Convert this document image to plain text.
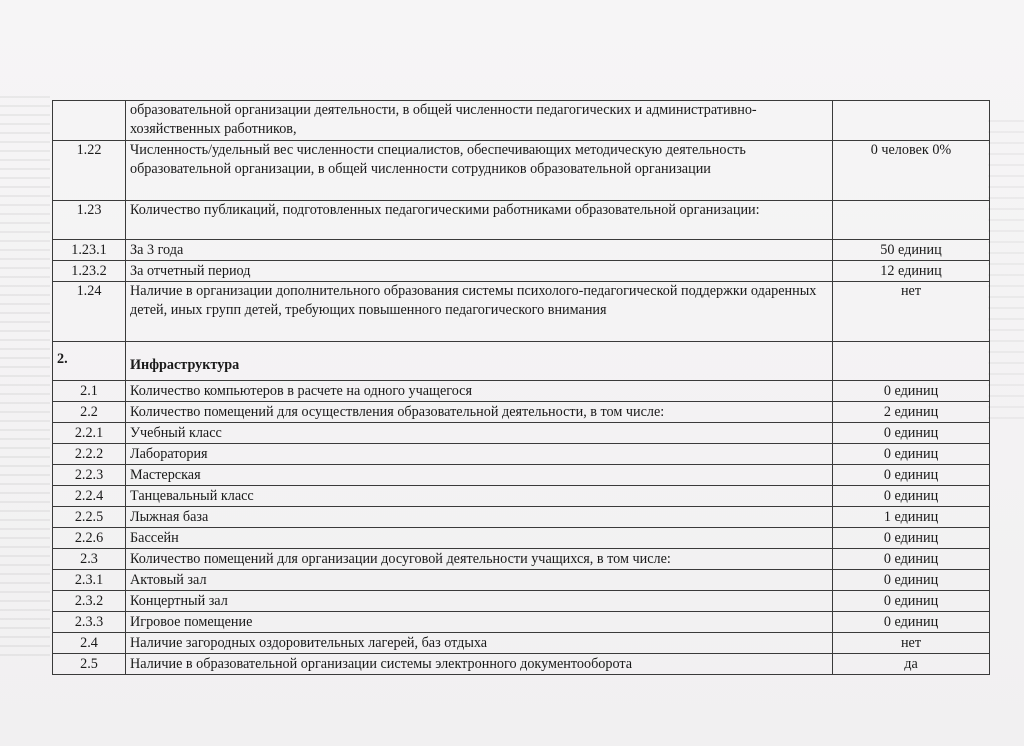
	образовательной организации деятельности, в общей численности педагогических и административно-хозяйственных работников,	
1.22	Численность/удельный вес численности специалистов, обеспечивающих методическую деятельность образовательной организации, в общей численности сотрудников образовательной организации	0 человек 0%
1.23	Количество публикаций, подготовленных педагогическими работниками образовательной организации:	
1.23.1	За 3 года	50 единиц
1.23.2	За отчетный период	12 единиц
1.24	Наличие в организации дополнительного образования системы психолого-педагогической поддержки одаренных детей, иных групп детей, требующих повышенного педагогического внимания	нет
2.	Инфраструктура	
2.1	Количество компьютеров в расчете на одного учащегося	0 единиц
2.2	Количество помещений для осуществления образовательной деятельности, в том числе:	2 единиц
2.2.1	Учебный класс	0 единиц
2.2.2	Лаборатория	0 единиц
2.2.3	Мастерская	0 единиц
2.2.4	Танцевальный класс	0 единиц
2.2.5	Лыжная база	1 единиц
2.2.6	Бассейн	0 единиц
2.3	Количество помещений для организации досуговой деятельности учащихся, в том числе:	0 единиц
2.3.1	Актовый зал	0 единиц
2.3.2	Концертный зал	0 единиц
2.3.3	Игровое помещение	0 единиц
2.4	Наличие загородных оздоровительных лагерей, баз отдыха	нет
2.5	Наличие в образовательной организации системы электронного документооборота	да
